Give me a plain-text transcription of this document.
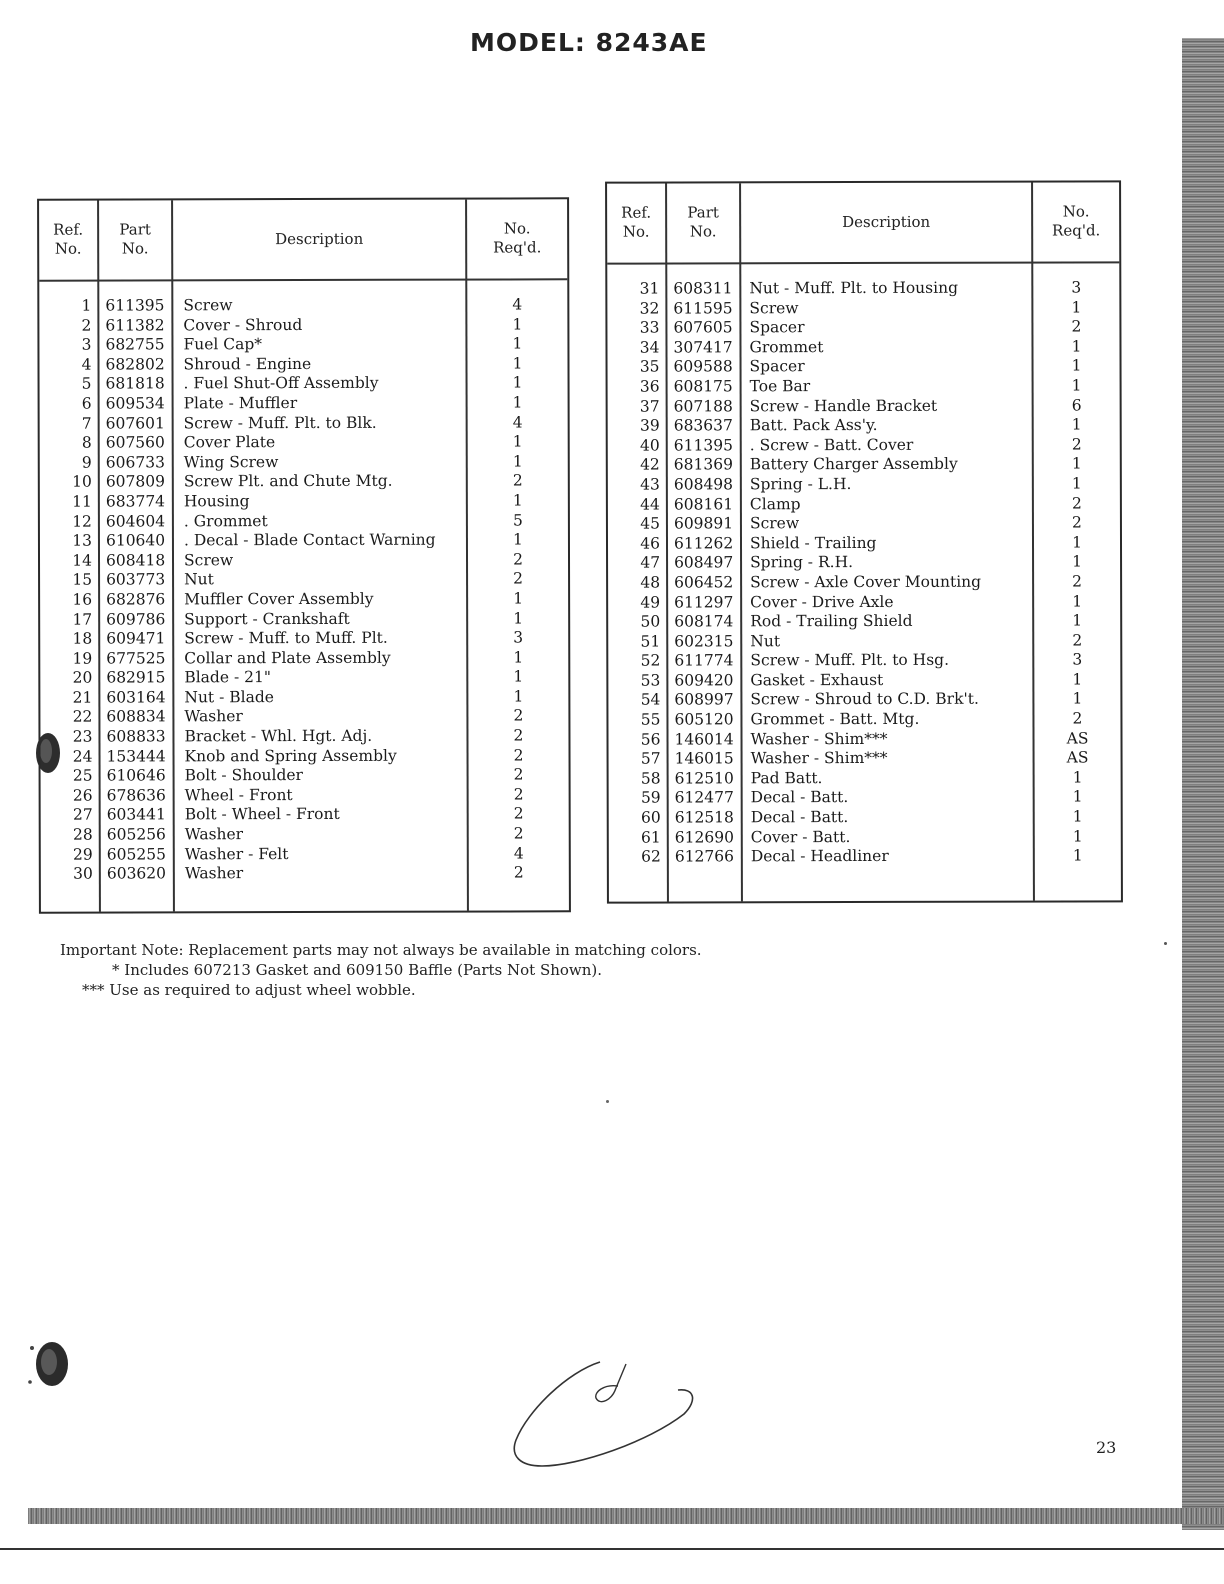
MODEL: 8243AE
Ref.
No.
Part
No.
Description
No.
Req'd.
1 611395 Screw	4
2 611382 Cover - Shroud	1
3 682755 Fuel Cap*	1
4 682802 Shroud - Engine	1
5 681818 . Fuel Shut-Off Assembly	1
6 609534 Plate - Muffler	1
7 607601 Screw - Muff. Plt. to Blk.	4
8 607560 Cover Plate	1
9 606733 Wing Screw	1
10 607809 Screw Plt. and Chute Mtg.	2
11 683774 Housing	1
12 604604 . Grommet	5
13 610640 . Decal - Blade Contact Warning	1
14 608418 Screw	2
15 603773 Nut	2
16 682876 Muffler Cover Assembly	1
17 609786 Support - Crankshaft	1
18 609471 Screw - Muff. to Muff. Plt.	3
19 677525 Collar and Plate Assembly	1
20 682915 Blade - 21"	1
21 603164 Nut - Blade	1
22 608834 Washer	2
23 608833 Bracket - Whl. Hgt. Adj.	2
24 153444 Knob and Spring Assembly	2
25 610646 Bolt - Shoulder	2
26 678636 Wheel - Front	2
27 603441 Bolt - Wheel - Front	2
28 605256 Washer	2
29 605255 Washer - Felt	4
30 603620 Washer	2
Ref.
No.
Part
No.
Description
No.
Req'd.
31 608311 Nut - Muff. Plt. to Housing	3
32 611595 Screw	1
33 607605 Spacer	2
34 307417 Grommet	1
35 609588 Spacer	1
36 608175 Toe Bar	1
37 607188 Screw - Handle Bracket	6
39 683637 Batt. Pack Ass'y.	1
40 611395 . Screw - Batt. Cover	2
42 681369 Battery Charger Assembly	1
43 608498 Spring - L.H.	1
44 608161 Clamp	2
45 609891 Screw	2
46 611262 Shield - Trailing	1
47 608497 Spring - R.H.	1
48 606452 Screw - Axle Cover Mounting	2
49 611297 Cover - Drive Axle	1
50 608174 Rod - Trailing Shield	1
51 602315 Nut	2
52 611774 Screw - Muff. Plt. to Hsg.	3
53 609420 Gasket - Exhaust	1
54 608997 Screw - Shroud to C.D. Brk't.	1
55 605120 Grommet - Batt. Mtg.	2
56 146014 Washer - Shim***	AS
57 146015 Washer - Shim***	AS
58 612510 Pad Batt.	1
59 612477 Decal - Batt.	1
60 612518 Decal - Batt.	1
61 612690 Cover - Batt.	1
62 612766 Decal - Headliner	1
Important Note: Replacement parts may not always be available in matching colors.
* Includes 607213 Gasket and 609150 Baffle (Parts Not Shown).
*** Use as required to adjust wheel wobble.
23
